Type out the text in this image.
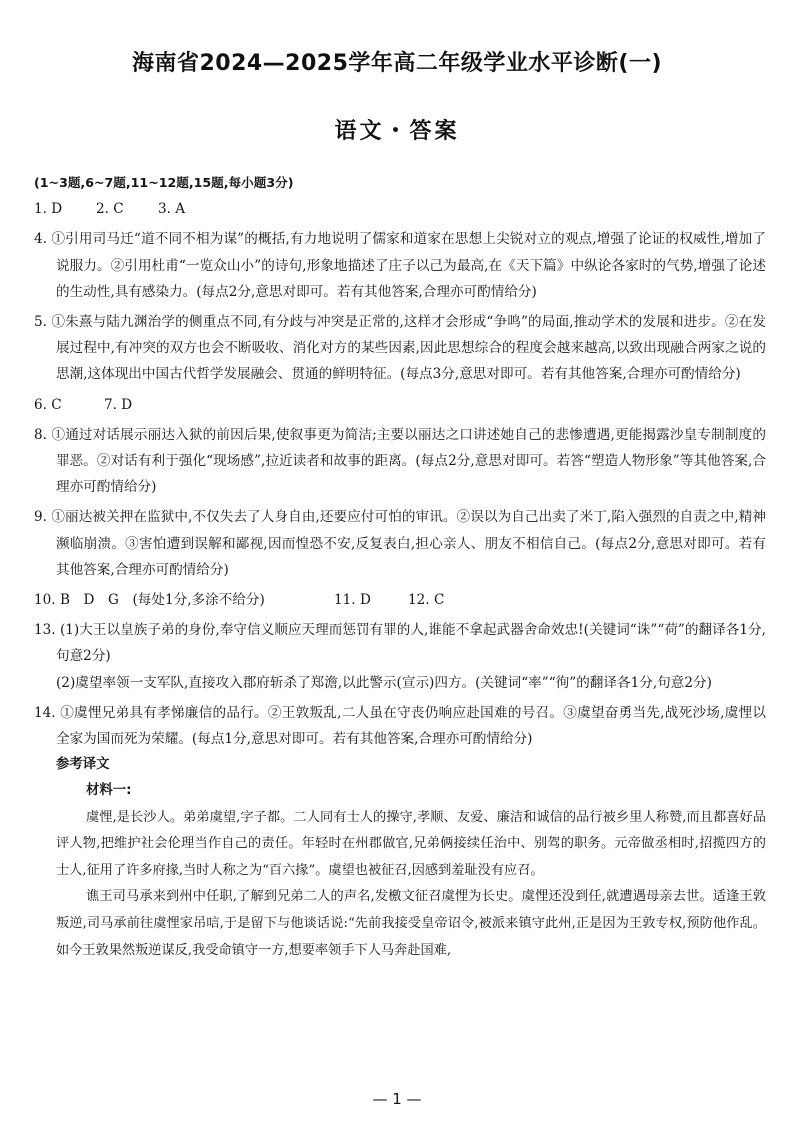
海南省2024—2025学年高二年级学业水平诊断(一)
语文・答案

(1~3题,6~7题,11~12题,15题,每小题3分)

1. D	2. C	3. A

4. ①引用司马迁“道不同不相为谋”的概括,有力地说明了儒家和道家在思想上尖锐对立的观点,增强了论证的权威性,增加了说服力。②引用杜甫“一览众山小”的诗句,形象地描述了庄子以己为最高,在《天下篇》中纵论各家时的气势,增强了论述的生动性,具有感染力。(每点2分,意思对即可。若有其他答案,合理亦可酌情给分)

5. ①朱熹与陆九渊治学的侧重点不同,有分歧与冲突是正常的,这样才会形成“争鸣”的局面,推动学术的发展和进步。②在发展过程中,有冲突的双方也会不断吸收、消化对方的某些因素,因此思想综合的程度会越来越高,以致出现融合两家之说的思潮,这体现出中国古代哲学发展融会、贯通的鲜明特征。(每点3分,意思对即可。若有其他答案,合理亦可酌情给分)

6. C	7. D

8. ①通过对话展示丽达入狱的前因后果,使叙事更为简洁;主要以丽达之口讲述她自己的悲惨遭遇,更能揭露沙皇专制制度的罪恶。②对话有利于强化“现场感”,拉近读者和故事的距离。(每点2分,意思对即可。若答“塑造人物形象”等其他答案,合理亦可酌情给分)

9. ①丽达被关押在监狱中,不仅失去了人身自由,还要应付可怕的审讯。②误以为自己出卖了米丁,陷入强烈的自责之中,精神濒临崩溃。③害怕遭到误解和鄙视,因而惶恐不安,反复表白,担心亲人、朋友不相信自己。(每点2分,意思对即可。若有其他答案,合理亦可酌情给分)

10. B　D　G　(每处1分,多涂不给分)	11. D	12. C

13. (1)大王以皇族子弟的身份,奉守信义顺应天理而惩罚有罪的人,谁能不拿起武器舍命效忠!(关键词“诛”“荷”的翻译各1分,句意2分)

(2)虞望率领一支军队,直接攻入郡府斩杀了郑澹,以此警示(宣示)四方。(关键词“率”“徇”的翻译各1分,句意2分)

14. ①虞悝兄弟具有孝悌廉信的品行。②王敦叛乱,二人虽在守丧仍响应赴国难的号召。③虞望奋勇当先,战死沙场,虞悝以全家为国而死为荣耀。(每点1分,意思对即可。若有其他答案,合理亦可酌情给分)

参考译文

材料一:

虞悝,是长沙人。弟弟虞望,字子都。二人同有士人的操守,孝顺、友爱、廉洁和诚信的品行被乡里人称赞,而且都喜好品评人物,把维护社会伦理当作自己的责任。年轻时在州郡做官,兄弟俩接续任治中、别驾的职务。元帝做丞相时,招揽四方的士人,征用了许多府掾,当时人称之为“百六掾”。虞望也被征召,因感到羞耻没有应召。

谯王司马承来到州中任职,了解到兄弟二人的声名,发檄文征召虞悝为长史。虞悝还没到任,就遭遇母亲去世。适逢王敦叛逆,司马承前往虞悝家吊唁,于是留下与他谈话说:“先前我接受皇帝诏令,被派来镇守此州,正是因为王敦专权,预防他作乱。如今王敦果然叛逆谋反,我受命镇守一方,想要率领手下人马奔赴国难,

— 1 —
